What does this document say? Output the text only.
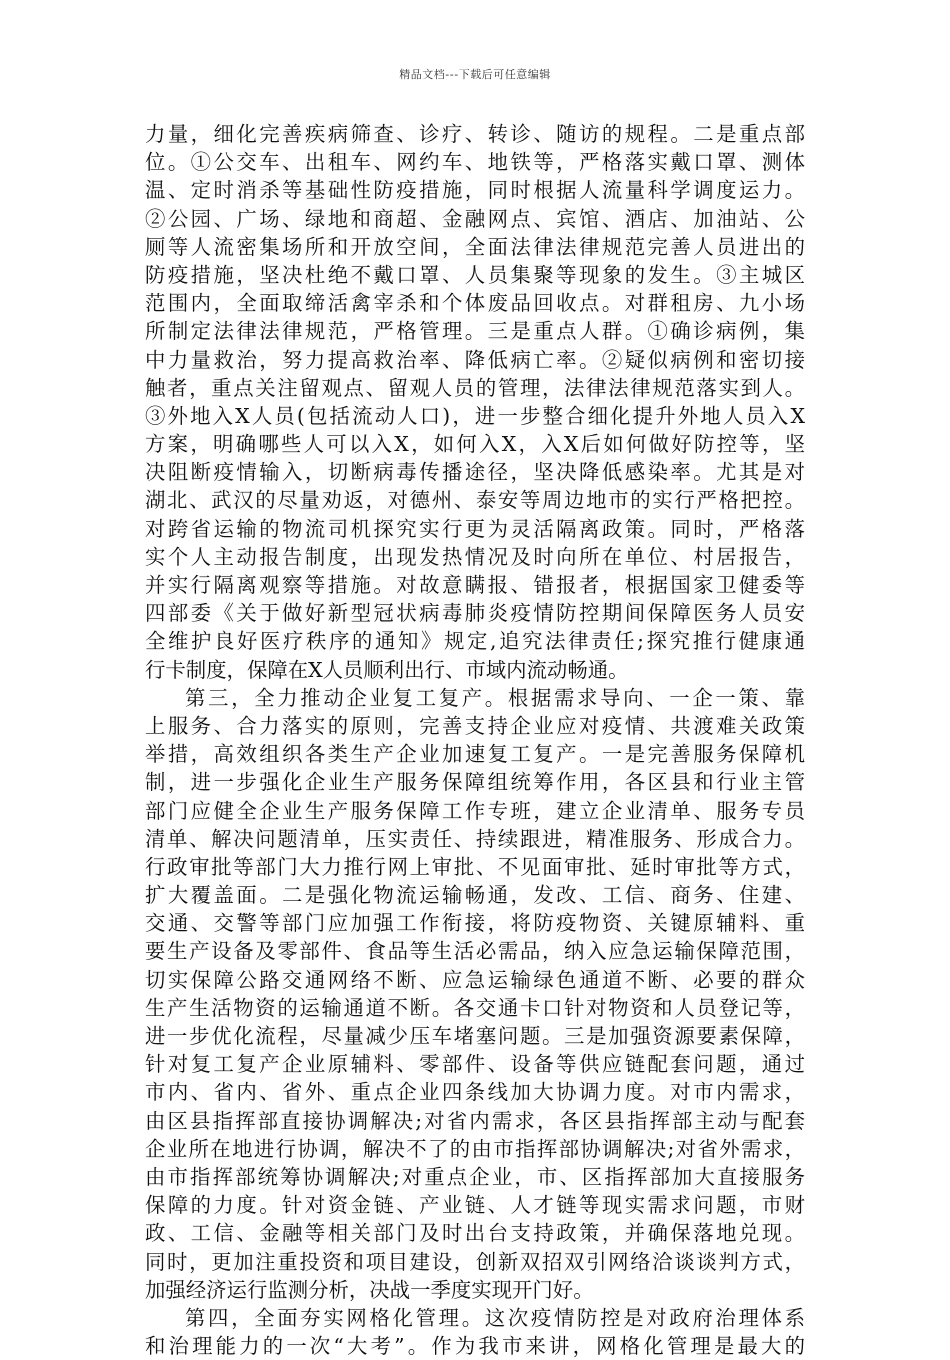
精品文档---下载后可任意编辑
力量，细化完善疾病筛查、诊疗、转诊、随访的规程。二是重点部
位。①公交车、出租车、网约车、地铁等，严格落实戴口罩、测体
温、定时消杀等基础性防疫措施，同时根据人流量科学调度运力。
②公园、广场、绿地和商超、金融网点、宾馆、酒店、加油站、公
厕等人流密集场所和开放空间，全面法律法律规范完善人员进出的
防疫措施，坚决杜绝不戴口罩、人员集聚等现象的发生。③主城区
范围内，全面取缔活禽宰杀和个体废品回收点。对群租房、九小场
所制定法律法律规范，严格管理。三是重点人群。①确诊病例，集
中力量救治，努力提高救治率、降低病亡率。②疑似病例和密切接
触者，重点关注留观点、留观人员的管理，法律法律规范落实到人。
③外地入X人员(包括流动人口)，进一步整合细化提升外地人员入X
方案，明确哪些人可以入X，如何入X，入X后如何做好防控等，坚
决阻断疫情输入，切断病毒传播途径，坚决降低感染率。尤其是对
湖北、武汉的尽量劝返，对德州、泰安等周边地市的实行严格把控。
对跨省运输的物流司机探究实行更为灵活隔离政策。同时，严格落
实个人主动报告制度，出现发热情况及时向所在单位、村居报告，
并实行隔离观察等措施。对故意瞒报、错报者，根据国家卫健委等
四部委《关于做好新型冠状病毒肺炎疫情防控期间保障医务人员安
全维护良好医疗秩序的通知》规定,追究法律责任;探究推行健康通
行卡制度，保障在X人员顺利出行、市域内流动畅通。
第三，全力推动企业复工复产。根据需求导向、一企一策、靠
上服务、合力落实的原则，完善支持企业应对疫情、共渡难关政策
举措，高效组织各类生产企业加速复工复产。一是完善服务保障机
制，进一步强化企业生产服务保障组统筹作用，各区县和行业主管
部门应健全企业生产服务保障工作专班，建立企业清单、服务专员
清单、解决问题清单，压实责任、持续跟进，精准服务、形成合力。
行政审批等部门大力推行网上审批、不见面审批、延时审批等方式，
扩大覆盖面。二是强化物流运输畅通，发改、工信、商务、住建、
交通、交警等部门应加强工作衔接，将防疫物资、关键原辅料、重
要生产设备及零部件、食品等生活必需品，纳入应急运输保障范围，
切实保障公路交通网络不断、应急运输绿色通道不断、必要的群众
生产生活物资的运输通道不断。各交通卡口针对物资和人员登记等，
进一步优化流程，尽量减少压车堵塞问题。三是加强资源要素保障，
针对复工复产企业原辅料、零部件、设备等供应链配套问题，通过
市内、省内、省外、重点企业四条线加大协调力度。对市内需求，
由区县指挥部直接协调解决;对省内需求，各区县指挥部主动与配套
企业所在地进行协调，解决不了的由市指挥部协调解决;对省外需求，
由市指挥部统筹协调解决;对重点企业，市、区指挥部加大直接服务
保障的力度。针对资金链、产业链、人才链等现实需求问题，市财
政、工信、金融等相关部门及时出台支持政策，并确保落地兑现。
同时，更加注重投资和项目建设，创新双招双引网络洽谈谈判方式，
加强经济运行监测分析，决战一季度实现开门好。
第四，全面夯实网格化管理。这次疫情防控是对政府治理体系
和治理能力的一次“大考”。作为我市来讲，网格化管理是最大的
